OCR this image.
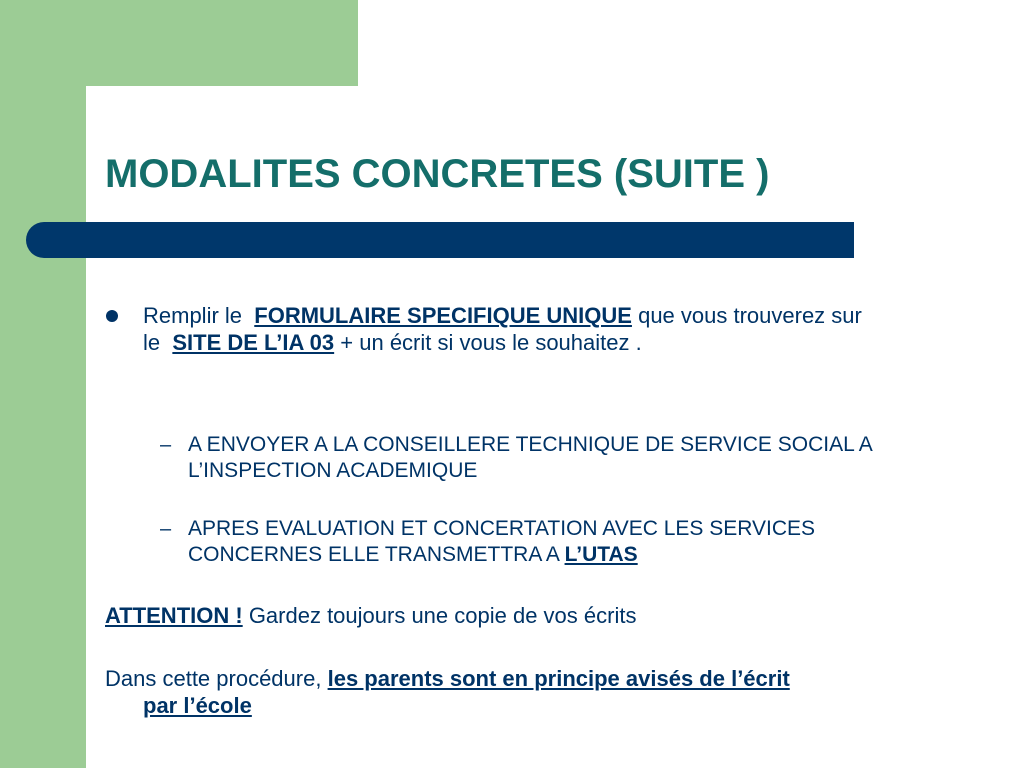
MODALITES CONCRETES (SUITE )

Remplir le FORMULAIRE SPECIFIQUE UNIQUE que vous trouverez sur le SITE DE L’IA 03 + un écrit si vous le souhaitez .

– A ENVOYER A LA CONSEILLERE TECHNIQUE DE SERVICE SOCIAL A L’INSPECTION ACADEMIQUE

– APRES EVALUATION ET CONCERTATION AVEC LES SERVICES CONCERNES ELLE TRANSMETTRA A L’UTAS

ATTENTION ! Gardez toujours une copie de vos écrits

Dans cette procédure, les parents sont en principe avisés de l’écrit
par l’école
